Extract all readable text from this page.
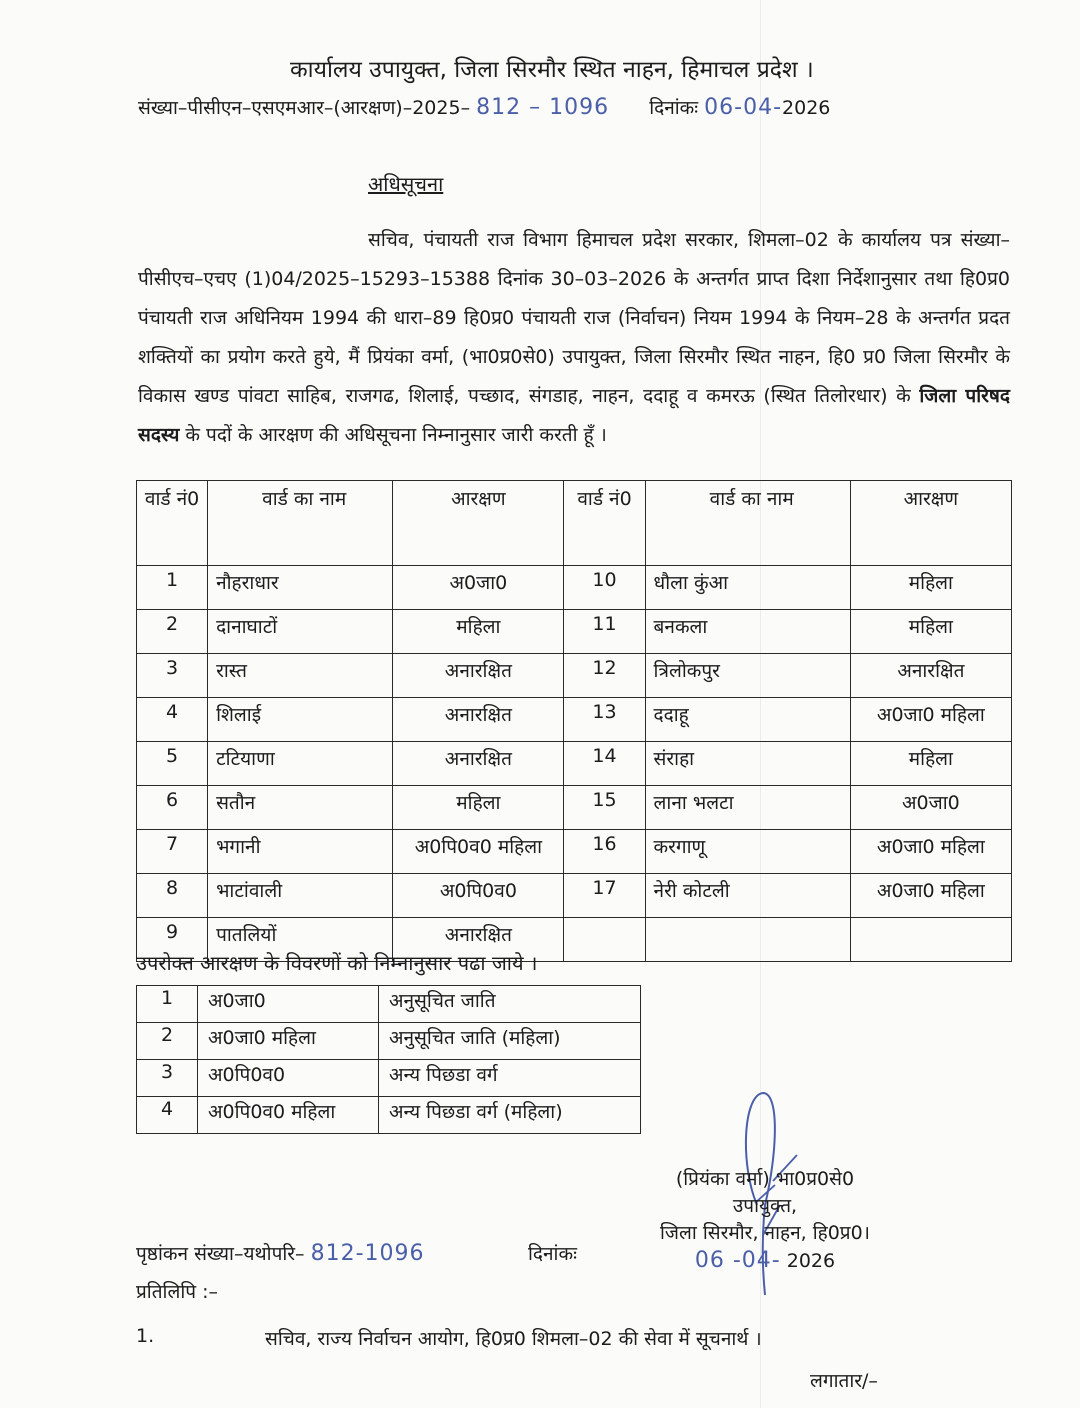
कार्यालय उपायुक्त, जिला सिरमौर स्थित नाहन, हिमाचल प्रदेश ।
संख्या–पीसीएन–एसएमआर–(आरक्षण)–2025– 812 – 1096 दिनांकः 06-04-2026
अधिसूचना
सचिव, पंचायती राज विभाग हिमाचल प्रदेश सरकार, शिमला–02 के कार्यालय पत्र संख्या–पीसीएच–एचए (1)04/2025–15293–15388 दिनांक 30–03–2026 के अन्तर्गत प्राप्त दिशा निर्देशानुसार तथा हि0प्र0 पंचायती राज अधिनियम 1994 की धारा–89 हि0प्र0 पंचायती राज (निर्वाचन) नियम 1994 के नियम–28 के अन्तर्गत प्रदत शक्तियों का प्रयोग करते हुये, मैं प्रियंका वर्मा, (भा0प्र0से0) उपायुक्त, जिला सिरमौर स्थित नाहन, हि0 प्र0 जिला सिरमौर के विकास खण्ड पांवटा साहिब, राजगढ, शिलाई, पच्छाद, संगडाह, नाहन, ददाहू व कमरऊ (स्थित तिलोरधार) के जिला परिषद सदस्य के पदों के आरक्षण की अधिसूचना निम्नानुसार जारी करती हूँ ।
वार्ड नं0	वार्ड का नाम	आरक्षण	वार्ड नं0	वार्ड का नाम	आरक्षण
1	नौहराधार	अ0जा0	10	धौला कुंआ	महिला
2	दानाघाटों	महिला	11	बनकला	महिला
3	रास्त	अनारक्षित	12	त्रिलोकपुर	अनारक्षित
4	शिलाई	अनारक्षित	13	ददाहू	अ0जा0 महिला
5	टटियाणा	अनारक्षित	14	संराहा	महिला
6	सतौन	महिला	15	लाना भलटा	अ0जा0
7	भगानी	अ0पि0व0 महिला	16	करगाणू	अ0जा0 महिला
8	भाटांवाली	अ0पि0व0	17	नेरी कोटली	अ0जा0 महिला
9	पातलियों	अनारक्षित			
उपरोक्त आरक्षण के विवरणों को निम्नानुसार पढा जाये ।
1	अ0जा0	अनुसूचित जाति
2	अ0जा0 महिला	अनुसूचित जाति (महिला)
3	अ0पि0व0	अन्य पिछडा वर्ग
4	अ0पि0व0 महिला	अन्य पिछडा वर्ग (महिला)
(प्रियंका वर्मा) भा0प्र0से0
उपायुक्त,
जिला सिरमौर, नाहन, हि0प्र0।
06 -04- 2026
पृष्ठांकन संख्या–यथोपरि– 812-1096	दिनांकः
प्रतिलिपि :–
1.	सचिव, राज्य निर्वाचन आयोग, हि0प्र0 शिमला–02 की सेवा में सूचनार्थ ।
लगातार/–
